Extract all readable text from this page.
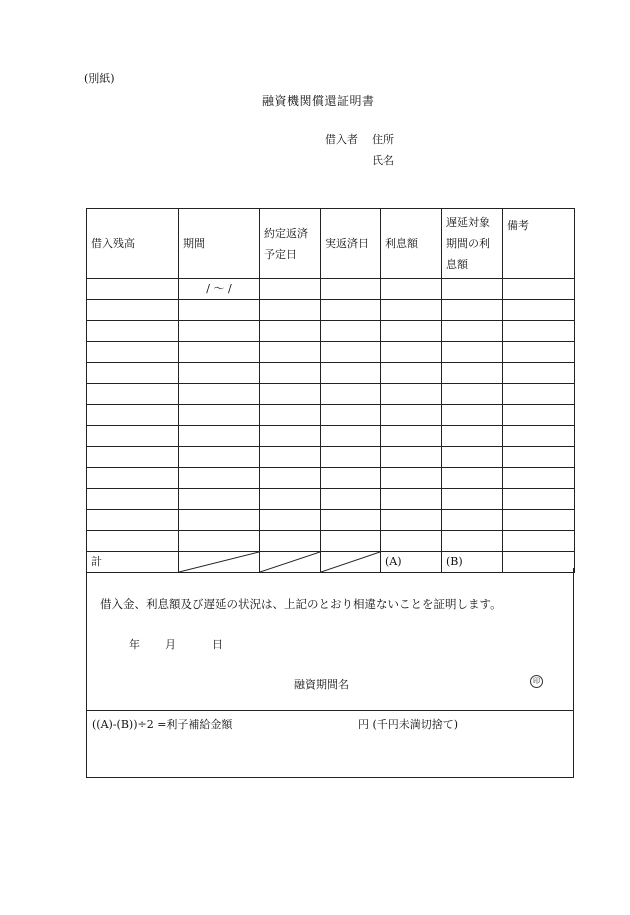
(別紙)
融資機関償還証明書
借入者 住所
氏名
借入残高	期間	約定返済予定日	実返済日	利息額	遅延対象期間の利息額	備考
	/ 〜 /					

計				(A)	(B)	
借入金、利息額及び遅延の状況は、上記のとおり相違ないことを証明します。
年 月	日
融資期間名	印
((A)-(B))÷2 =利子補給金額	円 (千円未満切捨て)
